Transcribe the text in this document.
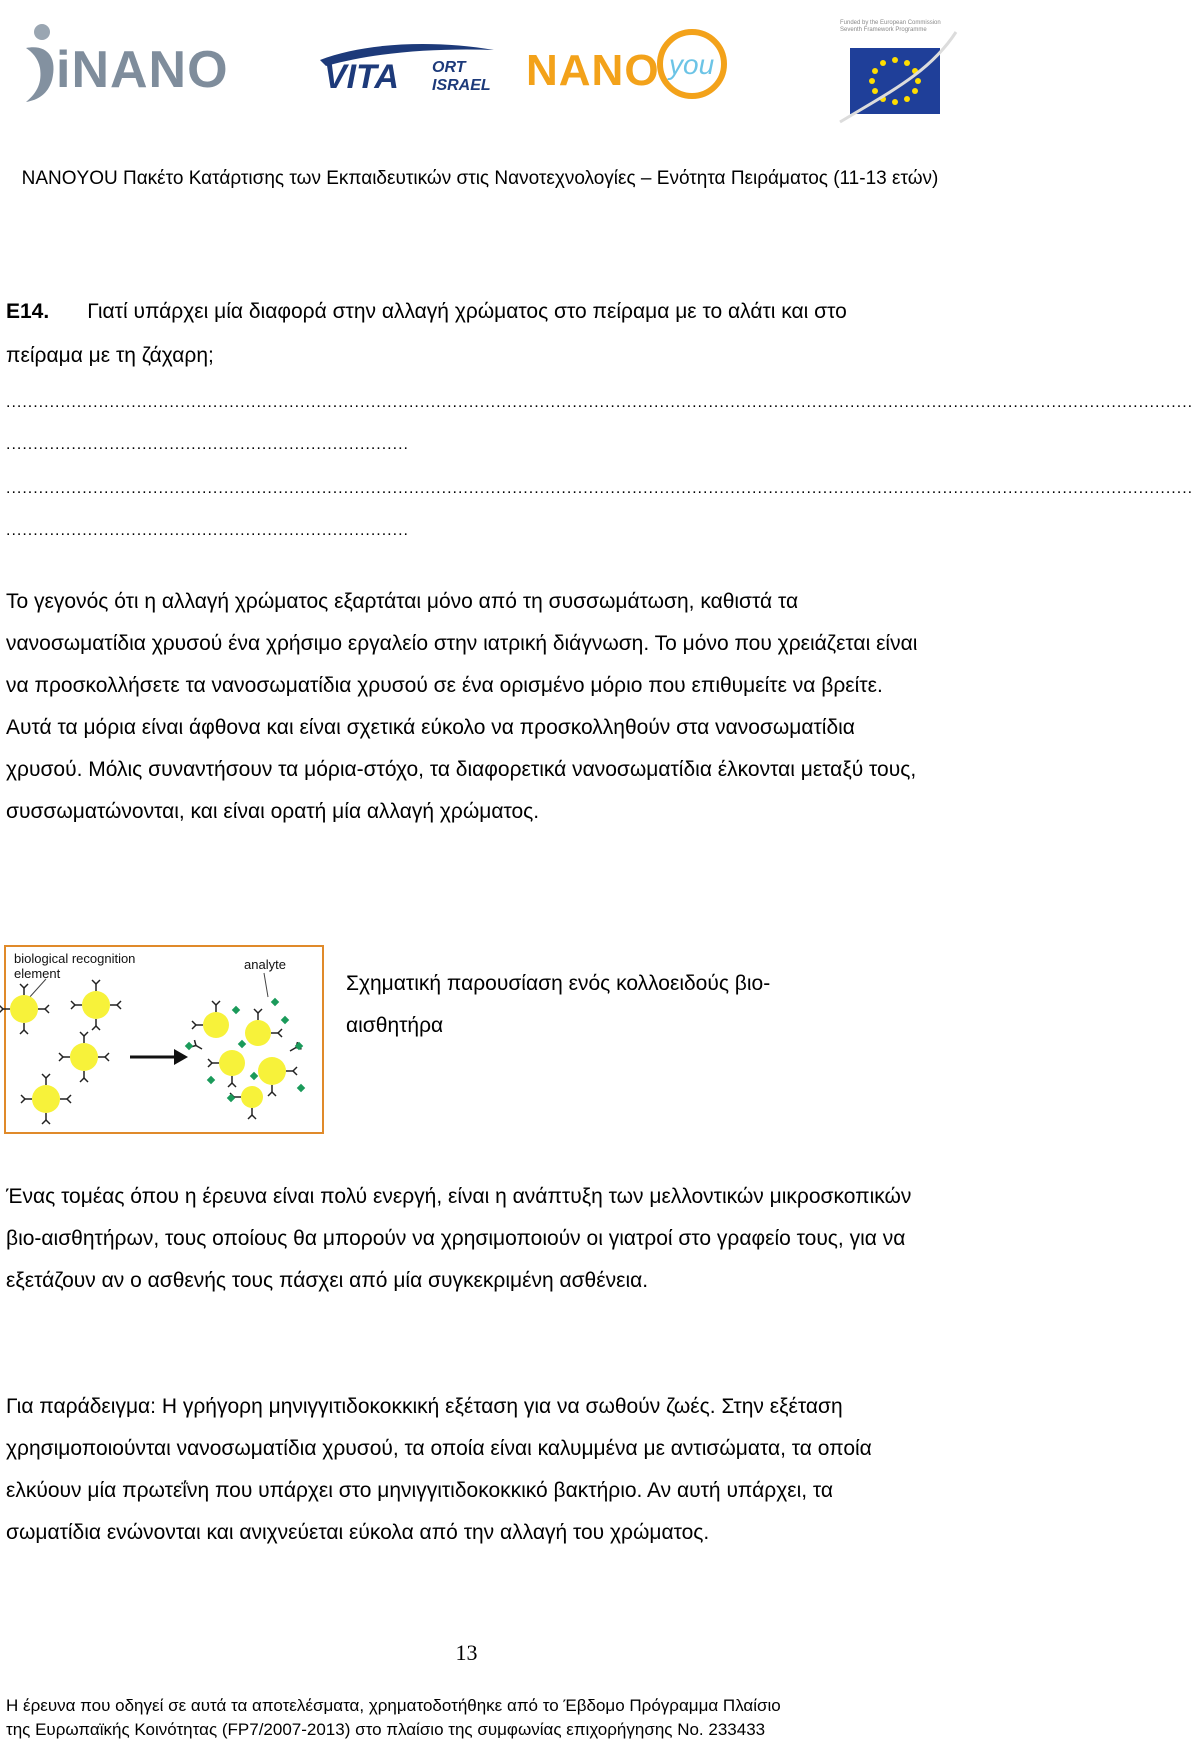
iNANO	VITA ORT
ISRAEL NANO you
Funded by the European Commission Seventh Framework Programme
NANOYOU Πακέτο Κατάρτισης των Εκπαιδευτικών στις Νανοτεχνολογίες – Ενότητα Πειράματος (11-13 ετών)
E14. Γιατί υπάρχει μία διαφορά στην αλλαγή χρώματος στο πείραμα με το αλάτι και στο πείραμα με τη ζάχαρη;
..........................................................................................................................................................................................................................
..........................................................................
..........................................................................................................................................................................................................................
..........................................................................
Το γεγονός ότι η αλλαγή χρώματος εξαρτάται μόνο από τη συσσωμάτωση, καθιστά τα νανοσωματίδια χρυσού ένα χρήσιμο εργαλείο στην ιατρική διάγνωση. Το μόνο που χρειάζεται είναι να προσκολλήσετε τα νανοσωματίδια χρυσού σε ένα ορισμένο μόριο που επιθυμείτε να βρείτε. Αυτά τα μόρια είναι άφθονα και είναι σχετικά εύκολο να προσκολληθούν στα νανοσωματίδια χρυσού. Μόλις συναντήσουν τα μόρια-στόχο, τα διαφορετικά νανοσωματίδια έλκονται μεταξύ τους, συσσωματώνονται, και είναι ορατή μία αλλαγή χρώματος.
biological recognition element
analyte
Σχηματική παρουσίαση ενός κολλοειδούς βιο-αισθητήρα
Ένας τομέας όπου η έρευνα είναι πολύ ενεργή, είναι η ανάπτυξη των μελλοντικών μικροσκοπικών βιο-αισθητήρων, τους οποίους θα μπορούν να χρησιμοποιούν οι γιατροί στο γραφείο τους, για να εξετάζουν αν ο ασθενής τους πάσχει από μία συγκεκριμένη ασθένεια.
Για παράδειγμα: Η γρήγορη μηνιγγιτιδοκοκκική εξέταση για να σωθούν ζωές. Στην εξέταση χρησιμοποιούνται νανοσωματίδια χρυσού, τα οποία είναι καλυμμένα με αντισώματα, τα οποία ελκύουν μία πρωτεΐνη που υπάρχει στο μηνιγγιτιδοκοκκικό βακτήριο. Αν αυτή υπάρχει, τα σωματίδια ενώνονται και ανιχνεύεται εύκολα από την αλλαγή του χρώματος.
13
Η έρευνα που οδηγεί σε αυτά τα αποτελέσματα, χρηματοδοτήθηκε από το Έβδομο Πρόγραμμα Πλαίσιο
της Ευρωπαϊκής Κοινότητας (FP7/2007-2013) στο πλαίσιο της συμφωνίας επιχορήγησης No. 233433
